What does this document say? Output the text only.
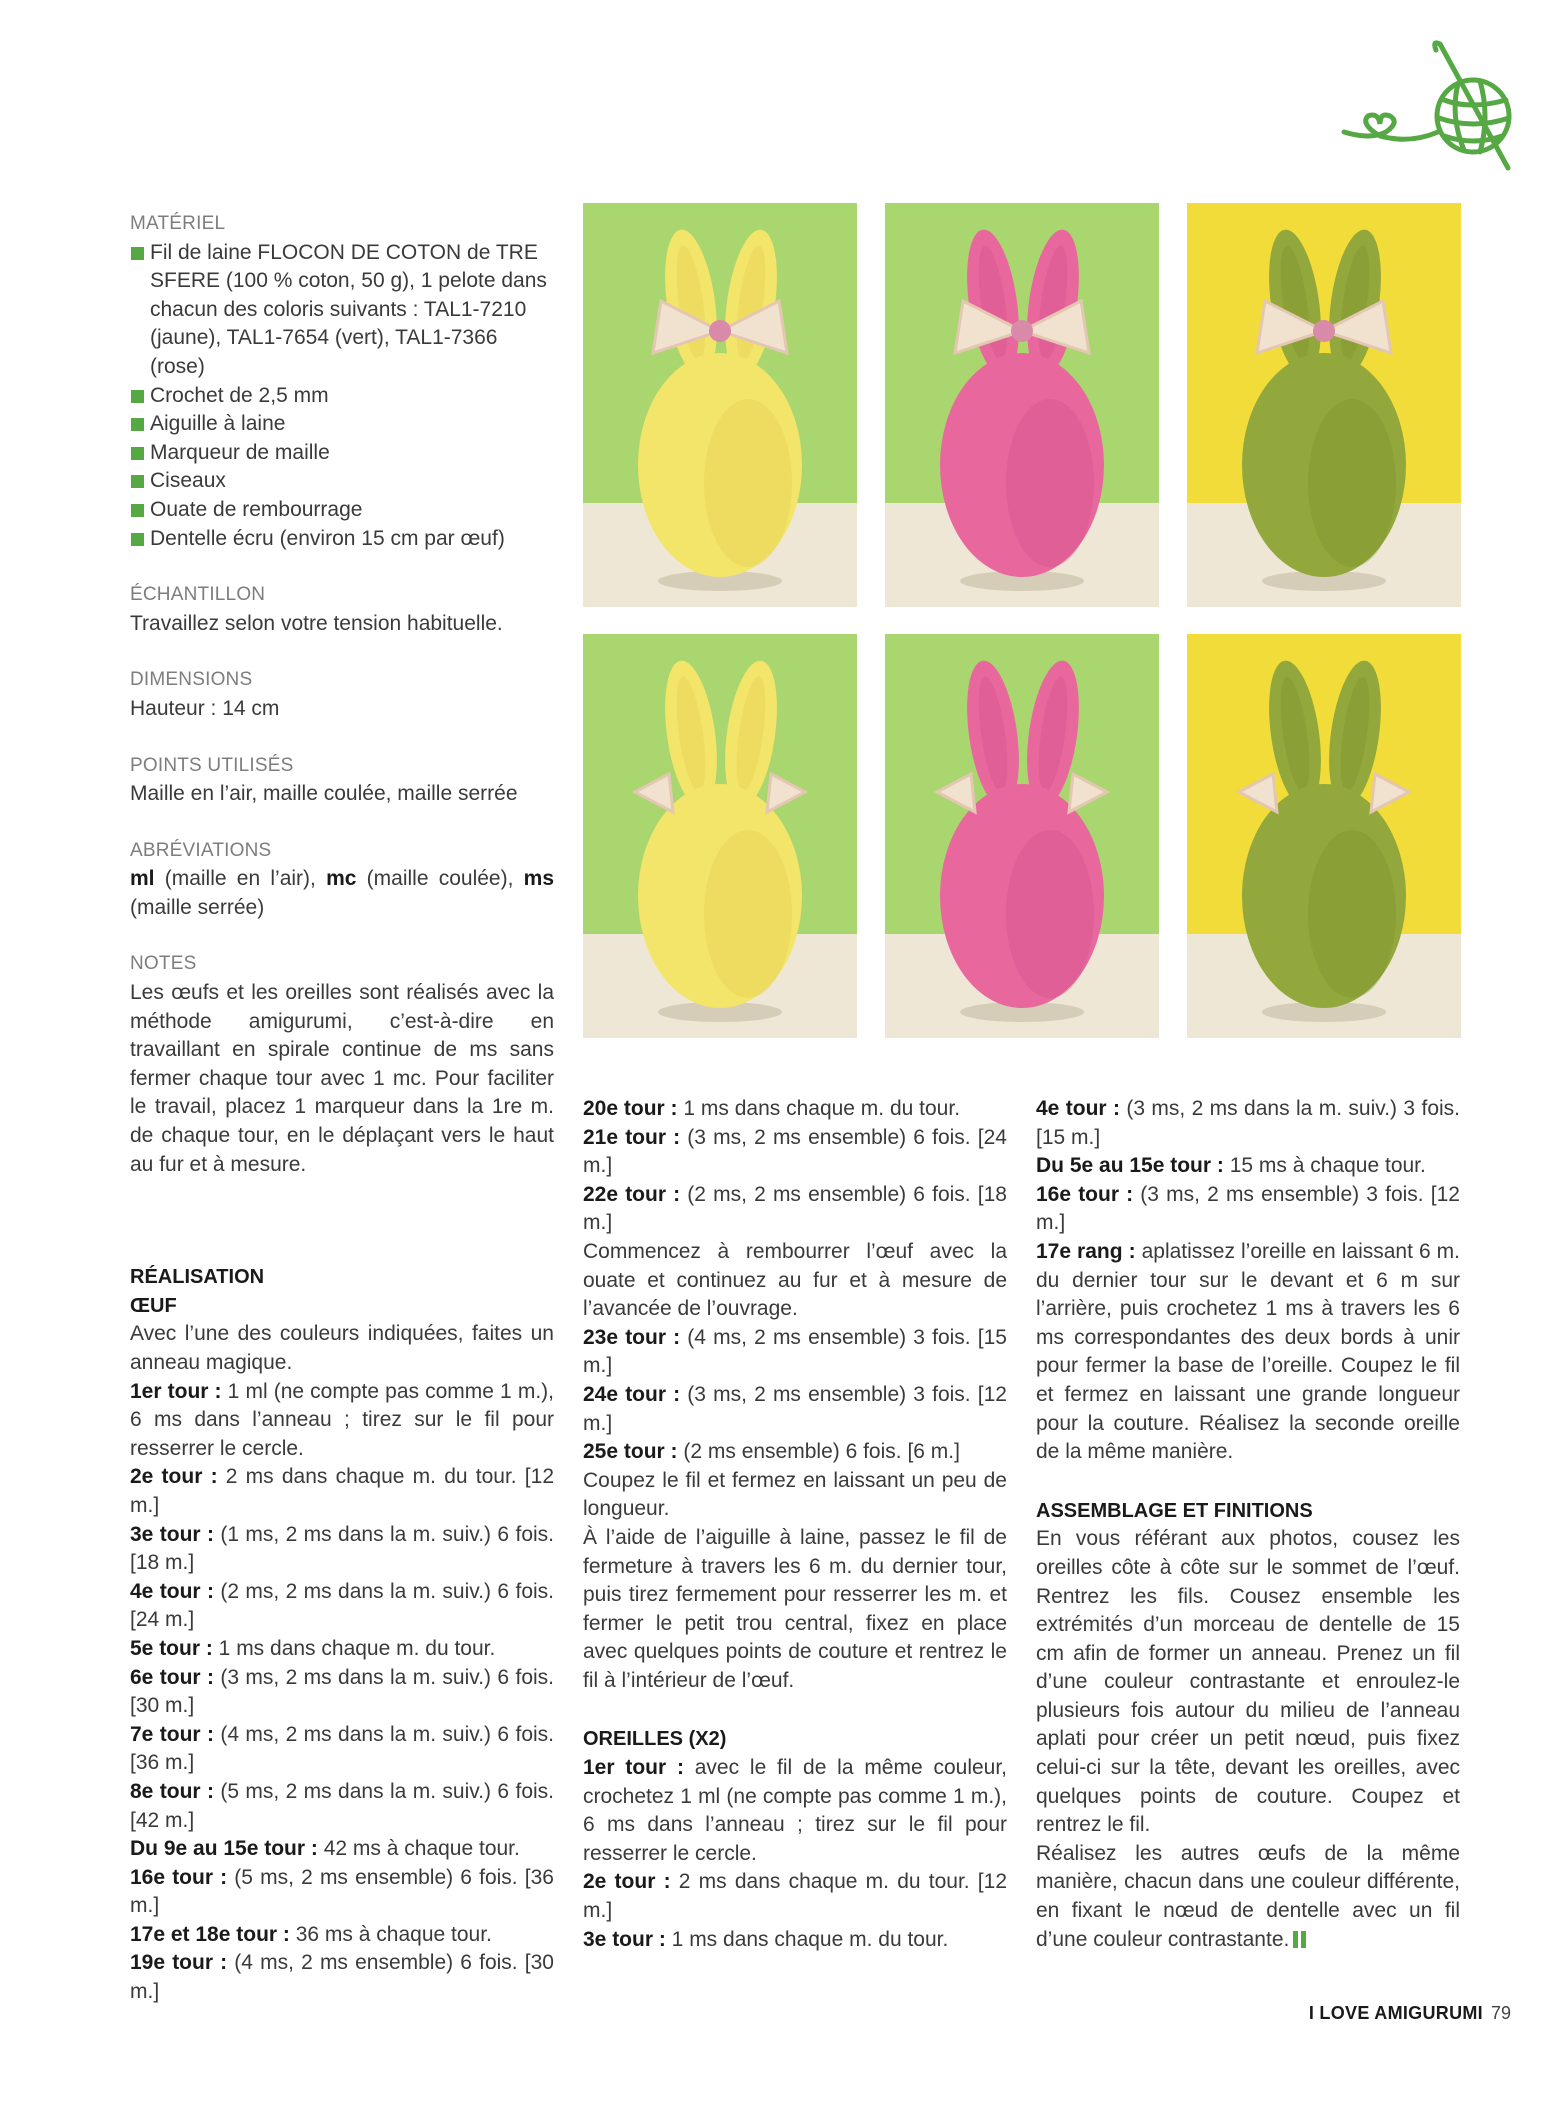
MATÉRIEL

Fil de laine FLOCON DE COTON de TRE SFERE (100 % coton, 50 g), 1 pelote dans chacun des coloris suivants : TAL1-7210 (jaune), TAL1-7654 (vert), TAL1-7366 (rose)

Crochet de 2,5 mm

Aiguille à laine

Marqueur de maille

Ciseaux

Ouate de rembourrage

Dentelle écru (environ 15 cm par œuf)

ÉCHANTILLON

Travaillez selon votre tension habituelle.

DIMENSIONS

Hauteur : 14 cm

POINTS UTILISÉS

Maille en l’air, maille coulée, maille serrée

ABRÉVIATIONS

ml (maille en l’air), mc (maille coulée), ms (maille serrée)

NOTES

Les œufs et les oreilles sont réalisés avec la méthode amigurumi, c’est-à-dire en travaillant en spirale continue de ms sans fermer chaque tour avec 1 mc. Pour faciliter le travail, placez 1 marqueur dans la 1re m. de chaque tour, en le déplaçant vers le haut au fur et à mesure.

RÉALISATION

ŒUF

Avec l’une des couleurs indiquées, faites un anneau magique.

1er tour : 1 ml (ne compte pas comme 1 m.), 6 ms dans l’anneau ; tirez sur le fil pour resserrer le cercle.

2e tour : 2 ms dans chaque m. du tour. [12 m.]

3e tour : (1 ms, 2 ms dans la m. suiv.) 6 fois. [18 m.]

4e tour : (2 ms, 2 ms dans la m. suiv.) 6 fois. [24 m.]

5e tour : 1 ms dans chaque m. du tour.

6e tour : (3 ms, 2 ms dans la m. suiv.) 6 fois. [30 m.]

7e tour : (4 ms, 2 ms dans la m. suiv.) 6 fois. [36 m.]

8e tour : (5 ms, 2 ms dans la m. suiv.) 6 fois. [42 m.]

Du 9e au 15e tour : 42 ms à chaque tour.

16e tour : (5 ms, 2 ms ensemble) 6 fois. [36 m.]

17e et 18e tour : 36 ms à chaque tour.

19e tour : (4 ms, 2 ms ensemble) 6 fois. [30 m.]

20e tour : 1 ms dans chaque m. du tour.

21e tour : (3 ms, 2 ms ensemble) 6 fois. [24 m.]

22e tour : (2 ms, 2 ms ensemble) 6 fois. [18 m.]

Commencez à rembourrer l’œuf avec la ouate et continuez au fur et à mesure de l’avancée de l’ouvrage.

23e tour : (4 ms, 2 ms ensemble) 3 fois. [15 m.]

24e tour : (3 ms, 2 ms ensemble) 3 fois. [12 m.]

25e tour : (2 ms ensemble) 6 fois. [6 m.]

Coupez le fil et fermez en laissant un peu de longueur.

À l’aide de l’aiguille à laine, passez le fil de fermeture à travers les 6 m. du dernier tour, puis tirez fermement pour resserrer les m. et fermer le petit trou central, fixez en place avec quelques points de couture et rentrez le fil à l’intérieur de l’œuf.

OREILLES (X2)

1er tour : avec le fil de la même couleur, crochetez 1 ml (ne compte pas comme 1 m.), 6 ms dans l’anneau ; tirez sur le fil pour resserrer le cercle.

2e tour : 2 ms dans chaque m. du tour. [12 m.]

3e tour : 1 ms dans chaque m. du tour.

4e tour : (3 ms, 2 ms dans la m. suiv.) 3 fois. [15 m.]

Du 5e au 15e tour : 15 ms à chaque tour.

16e tour : (3 ms, 2 ms ensemble) 3 fois. [12 m.]

17e rang : aplatissez l’oreille en laissant 6 m. du dernier tour sur le devant et 6 m sur l’arrière, puis crochetez 1 ms à travers les 6 ms correspondantes des deux bords à unir pour fermer la base de l’oreille. Coupez le fil et fermez en laissant une grande longueur pour la couture. Réalisez la seconde oreille de la même manière.

ASSEMBLAGE ET FINITIONS

En vous référant aux photos, cousez les oreilles côte à côte sur le sommet de l’œuf. Rentrez les fils. Cousez ensemble les extrémités d’un morceau de dentelle de 15 cm afin de former un anneau. Prenez un fil d’une couleur contrastante et enroulez-le plusieurs fois autour du milieu de l’anneau aplati pour créer un petit nœud, puis fixez celui-ci sur la tête, devant les oreilles, avec quelques points de couture. Coupez et rentrez le fil.

Réalisez les autres œufs de la même manière, chacun dans une couleur différente, en fixant le nœud de dentelle avec un fil d’une couleur contrastante.

I LOVE AMIGURUMI 79
